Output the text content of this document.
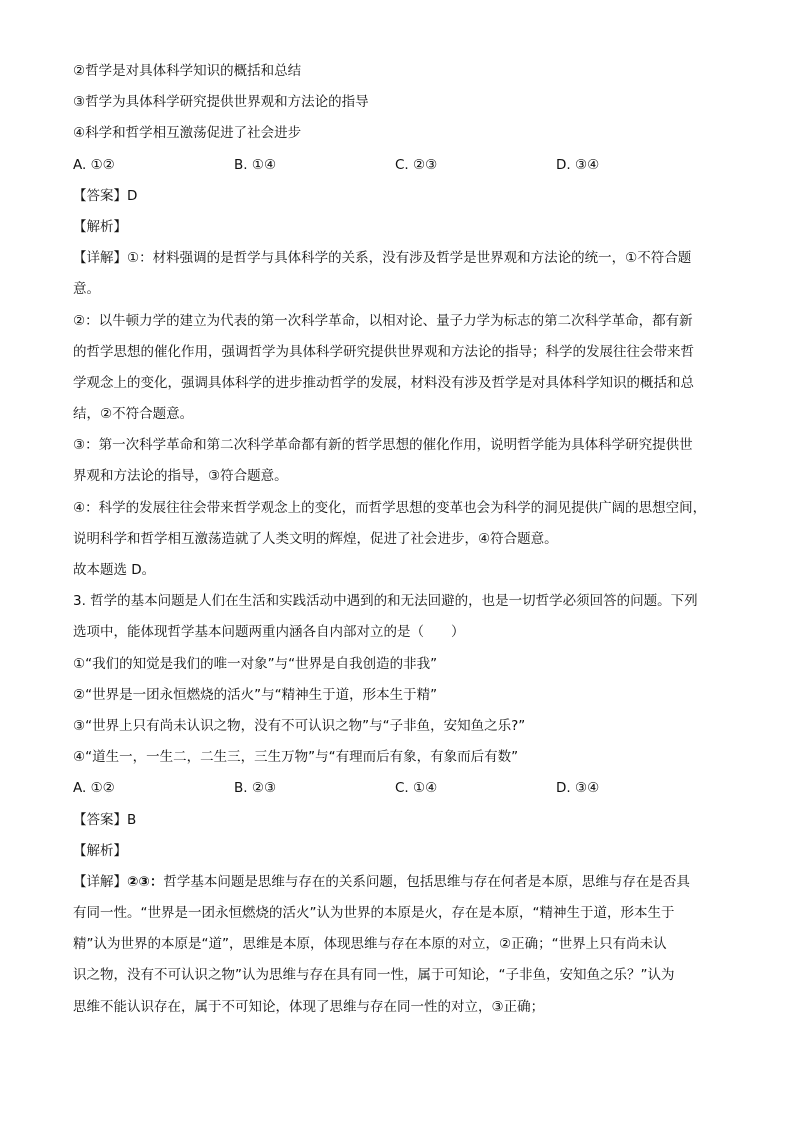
②哲学是对具体科学知识的概括和总结
③哲学为具体科学研究提供世界观和方法论的指导
④科学和哲学相互激荡促进了社会进步
A. ①②	B. ①④	C. ②③	D. ③④
【答案】D
【解析】
【详解】①：材料强调的是哲学与具体科学的关系，没有涉及哲学是世界观和方法论的统一，①不符合题
意。
②：以牛顿力学的建立为代表的第一次科学革命，以相对论、量子力学为标志的第二次科学革命，都有新
的哲学思想的催化作用，强调哲学为具体科学研究提供世界观和方法论的指导；科学的发展往往会带来哲
学观念上的变化，强调具体科学的进步推动哲学的发展，材料没有涉及哲学是对具体科学知识的概括和总
结，②不符合题意。
③：第一次科学革命和第二次科学革命都有新的哲学思想的催化作用，说明哲学能为具体科学研究提供世
界观和方法论的指导，③符合题意。
④：科学的发展往往会带来哲学观念上的变化，而哲学思想的变革也会为科学的洞见提供广阔的思想空间，
说明科学和哲学相互激荡造就了人类文明的辉煌，促进了社会进步，④符合题意。
故本题选 D。
3. 哲学的基本问题是人们在生活和实践活动中遇到的和无法回避的，也是一切哲学必须回答的问题。下列
选项中，能体现哲学基本问题两重内涵各自内部对立的是（　　）
①“我们的知觉是我们的唯一对象”与“世界是自我创造的非我”
②“世界是一团永恒燃烧的活火”与“精神生于道，形本生于精”
③“世界上只有尚未认识之物，没有不可认识之物”与“子非鱼，安知鱼之乐?”
④“道生一，一生二，二生三，三生万物”与“有理而后有象，有象而后有数”
A. ①②	B. ②③	C. ①④	D. ③④
【答案】B
【解析】
【详解】②③：哲学基本问题是思维与存在的关系问题，包括思维与存在何者是本原，思维与存在是否具
有同一性。“世界是一团永恒燃烧的活火”认为世界的本原是火，存在是本原，“精神生于道，形本生于
精”认为世界的本原是“道”，思维是本原，体现思维与存在本原的对立，②正确；“世界上只有尚未认
识之物，没有不可认识之物”认为思维与存在具有同一性，属于可知论，“子非鱼，安知鱼之乐？”认为
思维不能认识存在，属于不可知论，体现了思维与存在同一性的对立，③正确；
